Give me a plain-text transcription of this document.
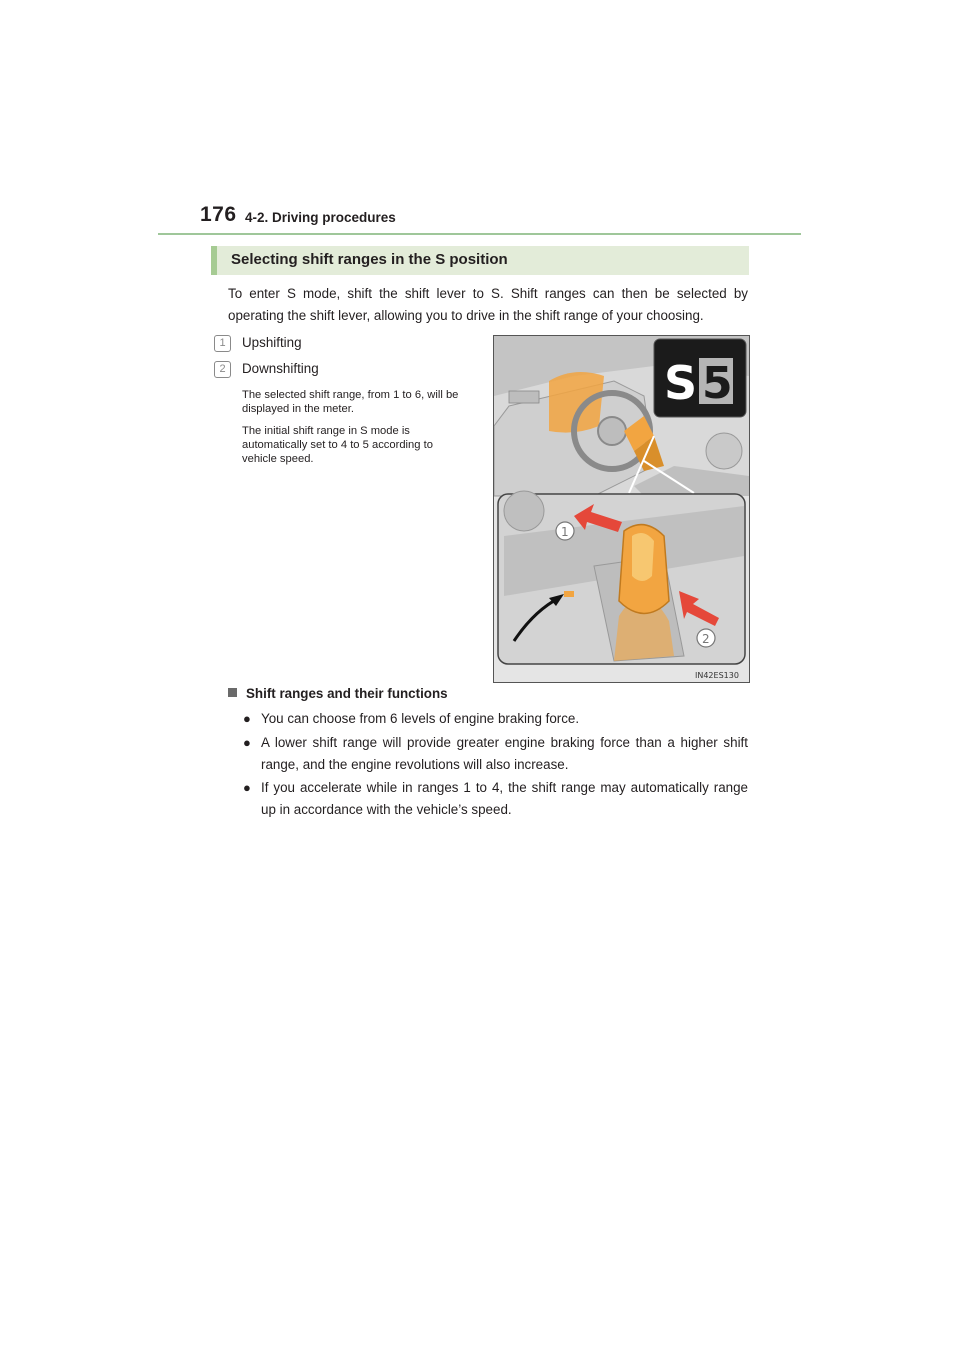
176 4-2. Driving procedures
Selecting shift ranges in the S position
To enter S mode, shift the shift lever to S. Shift ranges can then be selected by operating the shift lever, allowing you to drive in the shift range of your choosing.
1	Upshifting
2	Downshifting
The selected shift range, from 1 to 6, will be displayed in the meter.
The initial shift range in S mode is automatically set to 4 to 5 according to vehicle speed.
S 5
1
2
IN42ES130
Shift ranges and their functions
● You can choose from 6 levels of engine braking force.
● A lower shift range will provide greater engine braking force than a higher shift range, and the engine revolutions will also increase.
● If you accelerate while in ranges 1 to 4, the shift range may automatically range up in accordance with the vehicle’s speed.
